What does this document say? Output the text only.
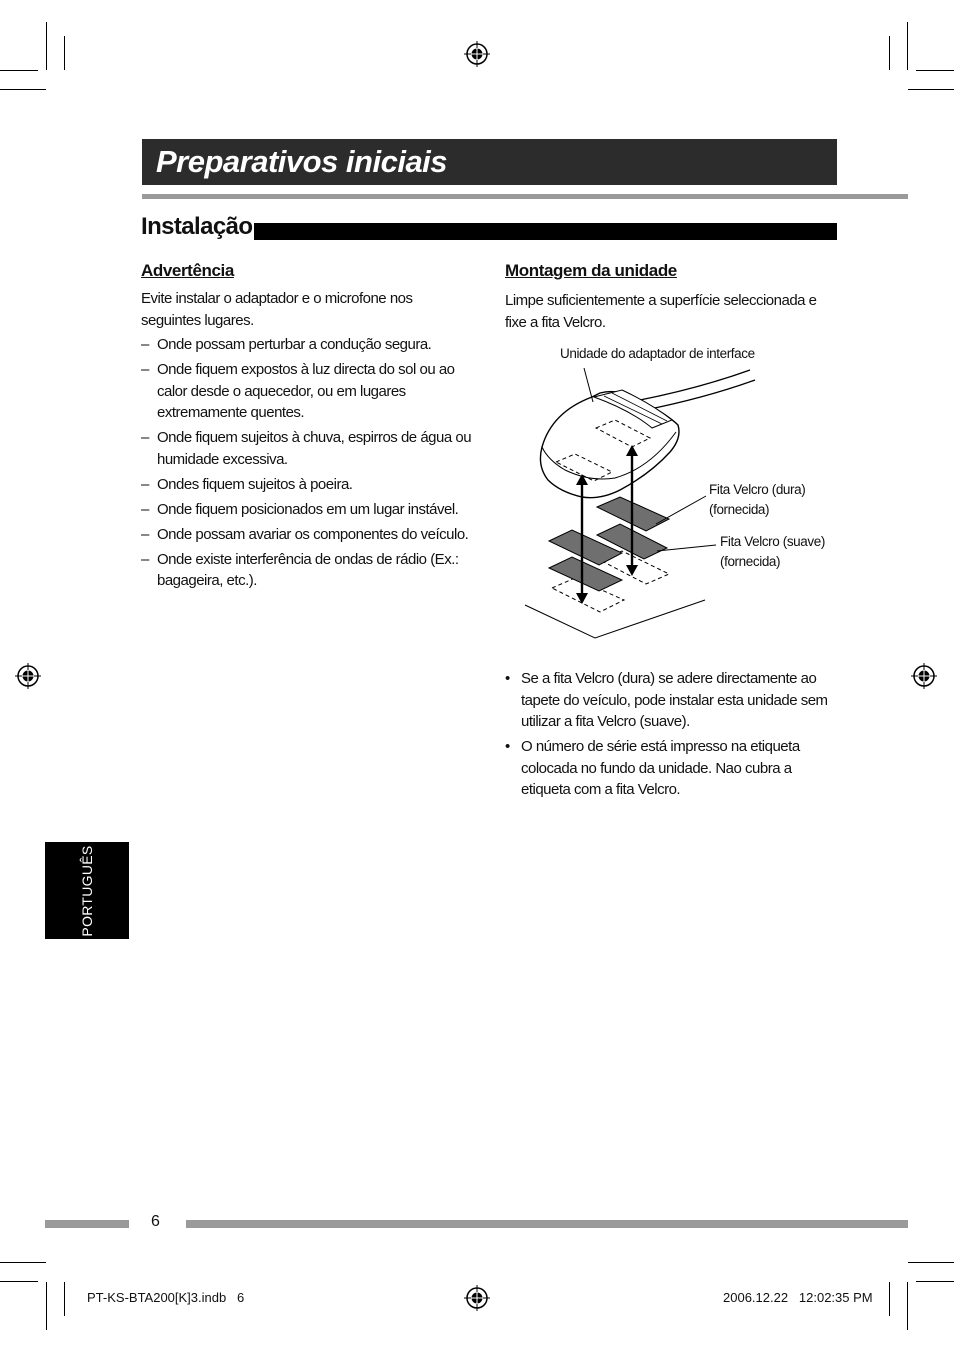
Preparativos iniciais
Instalação
Advertência
Evite instalar o adaptador e o microfone nos seguintes lugares.
– Onde possam perturbar a condução segura.
– Onde fiquem expostos à luz directa do sol ou ao calor desde o aquecedor, ou em lugares extremamente quentes.
– Onde fiquem sujeitos à chuva, espirros de água ou humidade excessiva.
– Ondes fiquem sujeitos à poeira.
– Onde fiquem posicionados em um lugar instável.
– Onde possam avariar os componentes do veículo.
– Onde existe interferência de ondas de rádio (Ex.: bagageira, etc.).
Montagem da unidade
Limpe suficientemente a superfície seleccionada e fixe a fita Velcro.
Unidade do adaptador de interface
Fita Velcro (dura)
(fornecida)
Fita Velcro (suave)
(fornecida)
• Se a fita Velcro (dura) se adere directamente ao tapete do veículo, pode instalar esta unidade sem utilizar a fita Velcro (suave).
• O número de série está impresso na etiqueta colocada no fundo da unidade. Nao cubra a etiqueta com a fita Velcro.
PORTUGUÊS
6
PT-KS-BTA200[K]3.indb   6	2006.12.22   12:02:35 PM
